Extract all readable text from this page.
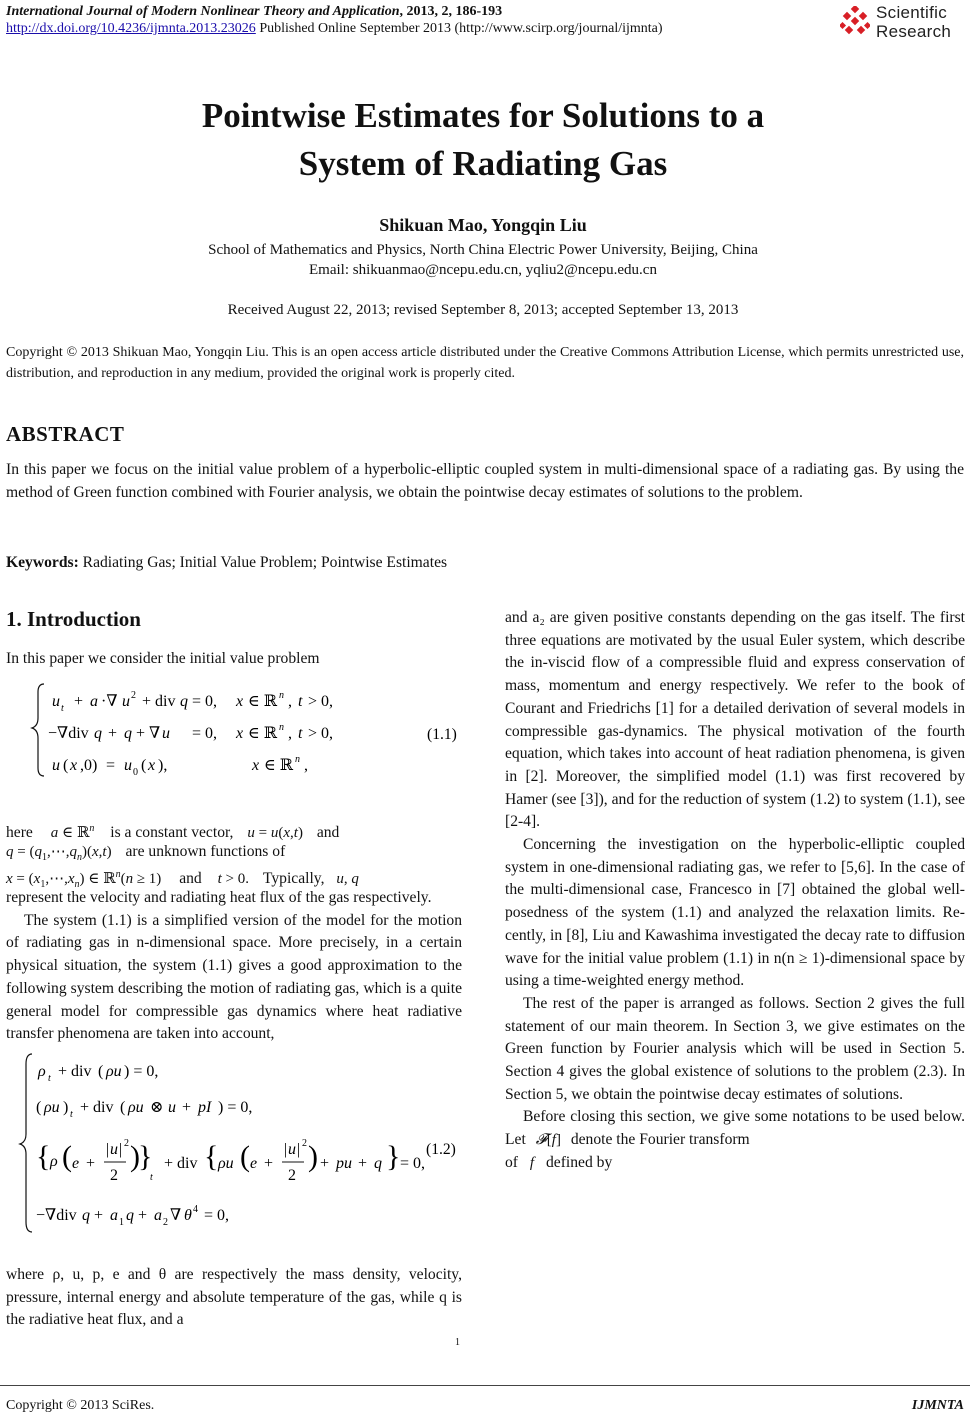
International Journal of Modern Nonlinear Theory and Application, 2013, 2, 186-193
http://dx.doi.org/10.4236/ijmnta.2013.23026 Published Online September 2013 (http://www.scirp.org/journal/ijmnta)
Scientific
Research
Pointwise Estimates for Solutions to a
System of Radiating Gas
Shikuan Mao, Yongqin Liu
School of Mathematics and Physics, North China Electric Power University, Beijing, China
Email: shikuanmao@ncepu.edu.cn, yqliu2@ncepu.edu.cn
Received August 22, 2013; revised September 8, 2013; accepted September 13, 2013
Copyright © 2013 Shikuan Mao, Yongqin Liu. This is an open access article distributed under the Creative Commons Attribution License, which permits unrestricted use, distribution, and reproduction in any medium, provided the original work is properly cited.
ABSTRACT
In this paper we focus on the initial value problem of a hyperbolic-elliptic coupled system in multi-dimensional space of a radiating gas. By using the method of Green function combined with Fourier analysis, we obtain the pointwise decay estimates of solutions to the problem.
Keywords: Radiating Gas; Initial Value Problem; Pointwise Estimates
1. Introduction

In this paper we consider the initial value problem

u t + a ·∇ u 2 + div q = 0, x ∈ ℝ n , t > 0,
−∇div q + q + ∇ u = 0, x ∈ ℝ n , t > 0,
u ( x ,0) = u 0 ( x ),	x ∈ ℝ n ,
(1.1)
here a ∈ ℝ$^n$ is a constant vector, u = u(x,t) and
$q = (q_1,\cdots,q_n)(x,t)$ are unknown functions of
$x = (x_1,\cdots,x_n)$ ∈ ℝ$^n$(n ≥ 1) and t > 0. Typically, u, q

represent the velocity and radiating heat flux of the gas respectively.

The system (1.1) is a simplified version of the model for the motion of radiating gas in n-dimensional space. More precisely, in a certain physical situation, the system (1.1) gives a good approximation to the following system describing the motion of radiating gas, which is a quite general model for compressible gas dynamics where heat radiative transfer phenomena are taken into account,

ρ t + div ( ρu ) = 0,
( ρu ) t + div ( ρu ⊗ u + pI ) = 0,
{ ρ ( e +
| u | 2
2
)
}
t
+ div { ρu ( e +
| u | 2
2
) + pu + q } = 0,
−∇div q + a 1 q + a 2 ∇ θ 4 = 0,
(1.2)

where ρ, u, p, e and θ are respectively the mass density, velocity, pressure, internal energy and absolute temperature of the gas, while q is the radiative heat flux, and a

1

and a₂ are given positive constants depending on the gas itself. The first three equations are motivated by the usual Euler system, which describe the in-viscid flow of a compressible fluid and express conservation of mass, momentum and energy respectively. We refer to the book of Courant and Friedrichs [1] for a detailed derivation of several models in compressible gas-dynamics. The physical motivation of the fourth equation, which takes into account of heat radiation phenomena, is given in [2]. Moreover, the simplified model (1.1) was first recovered by Hamer (see [3]), and for the reduction of system (1.2) to system (1.1), see [2-4].

Concerning the investigation on the hyperbolic-elliptic coupled system in one-dimensional radiating gas, we refer to [5,6]. In the case of the multi-dimensional case, Francesco in [7] obtained the global well-posedness of the system (1.1) and analyzed the relaxation limits. Re-cently, in [8], Liu and Kawashima investigated the decay rate to diffusion wave for the initial value problem (1.1) in n(n ≥ 1)-dimensional space by using a time-weighted energy method.

The rest of the paper is arranged as follows. Section 2 gives the full statement of our main theorem. In Section 3, we give estimates on the Green function by Fourier analysis which will be used in Section 5. Section 4 gives the global existence of solutions to the problem (2.3). In Section 5, we obtain the pointwise decay estimates of solutions.

Before closing this section, we give some notations to be used below. Let 𝓕[f] denote the Fourier transform

of f defined by

Copyright © 2013 SciRes.	IJMNTA
